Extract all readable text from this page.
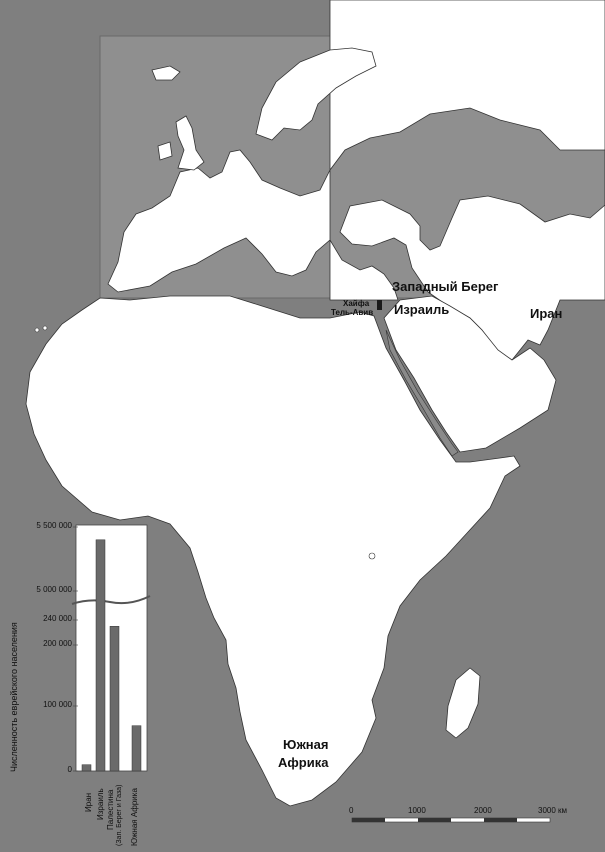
Западный Берег
Израиль	Иран
Хайфа
Тель-Авив
Южная
Африка
5 500 000
5 000 000
240 000
200 000
100 000
0
Численность еврейского населения
Иран Израиль Палестина (Зап. Берег и Газа) Южная Африка	0	1000	2000	3000 км
